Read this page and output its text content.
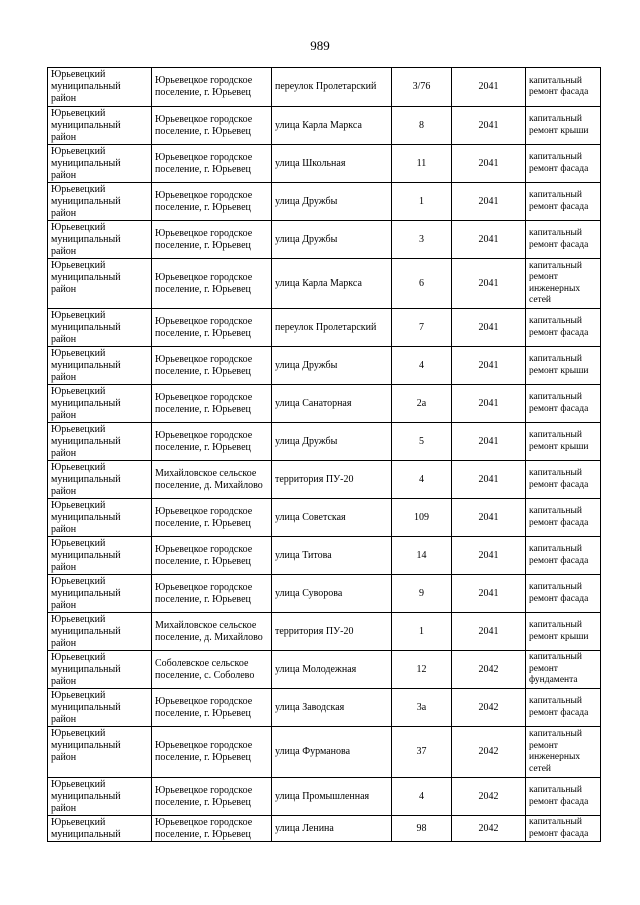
989
Юрьевецкий муниципальный район	Юрьевецкое городское поселение, г. Юрьевец	переулок Пролетарский	3/76	2041	капитальный ремонт фасада
Юрьевецкий муниципальный район	Юрьевецкое городское поселение, г. Юрьевец	улица Карла Маркса	8	2041	капитальный ремонт крыши
Юрьевецкий муниципальный район	Юрьевецкое городское поселение, г. Юрьевец	улица Школьная	11	2041	капитальный ремонт фасада
Юрьевецкий муниципальный район	Юрьевецкое городское поселение, г. Юрьевец	улица Дружбы	1	2041	капитальный ремонт фасада
Юрьевецкий муниципальный район	Юрьевецкое городское поселение, г. Юрьевец	улица Дружбы	3	2041	капитальный ремонт фасада
Юрьевецкий муниципальный район	Юрьевецкое городское поселение, г. Юрьевец	улица Карла Маркса	6	2041	капитальный ремонт инженерных сетей
Юрьевецкий муниципальный район	Юрьевецкое городское поселение, г. Юрьевец	переулок Пролетарский	7	2041	капитальный ремонт фасада
Юрьевецкий муниципальный район	Юрьевецкое городское поселение, г. Юрьевец	улица Дружбы	4	2041	капитальный ремонт крыши
Юрьевецкий муниципальный район	Юрьевецкое городское поселение, г. Юрьевец	улица Санаторная	2а	2041	капитальный ремонт фасада
Юрьевецкий муниципальный район	Юрьевецкое городское поселение, г. Юрьевец	улица Дружбы	5	2041	капитальный ремонт крыши
Юрьевецкий муниципальный район	Михайловское сельское поселение, д. Михайлово	территория ПУ-20	4	2041	капитальный ремонт фасада
Юрьевецкий муниципальный район	Юрьевецкое городское поселение, г. Юрьевец	улица Советская	109	2041	капитальный ремонт фасада
Юрьевецкий муниципальный район	Юрьевецкое городское поселение, г. Юрьевец	улица Титова	14	2041	капитальный ремонт фасада
Юрьевецкий муниципальный район	Юрьевецкое городское поселение, г. Юрьевец	улица Суворова	9	2041	капитальный ремонт фасада
Юрьевецкий муниципальный район	Михайловское сельское поселение, д. Михайлово	территория ПУ-20	1	2041	капитальный ремонт крыши
Юрьевецкий муниципальный район	Соболевское сельское поселение, с. Соболево	улица Молодежная	12	2042	капитальный ремонт фундамента
Юрьевецкий муниципальный район	Юрьевецкое городское поселение, г. Юрьевец	улица Заводская	3а	2042	капитальный ремонт фасада
Юрьевецкий муниципальный район	Юрьевецкое городское поселение, г. Юрьевец	улица Фурманова	37	2042	капитальный ремонт инженерных сетей
Юрьевецкий муниципальный район	Юрьевецкое городское поселение, г. Юрьевец	улица Промышленная	4	2042	капитальный ремонт фасада
Юрьевецкий муниципальный	Юрьевецкое городское поселение, г. Юрьевец	улица Ленина	98	2042	капитальный ремонт фасада
